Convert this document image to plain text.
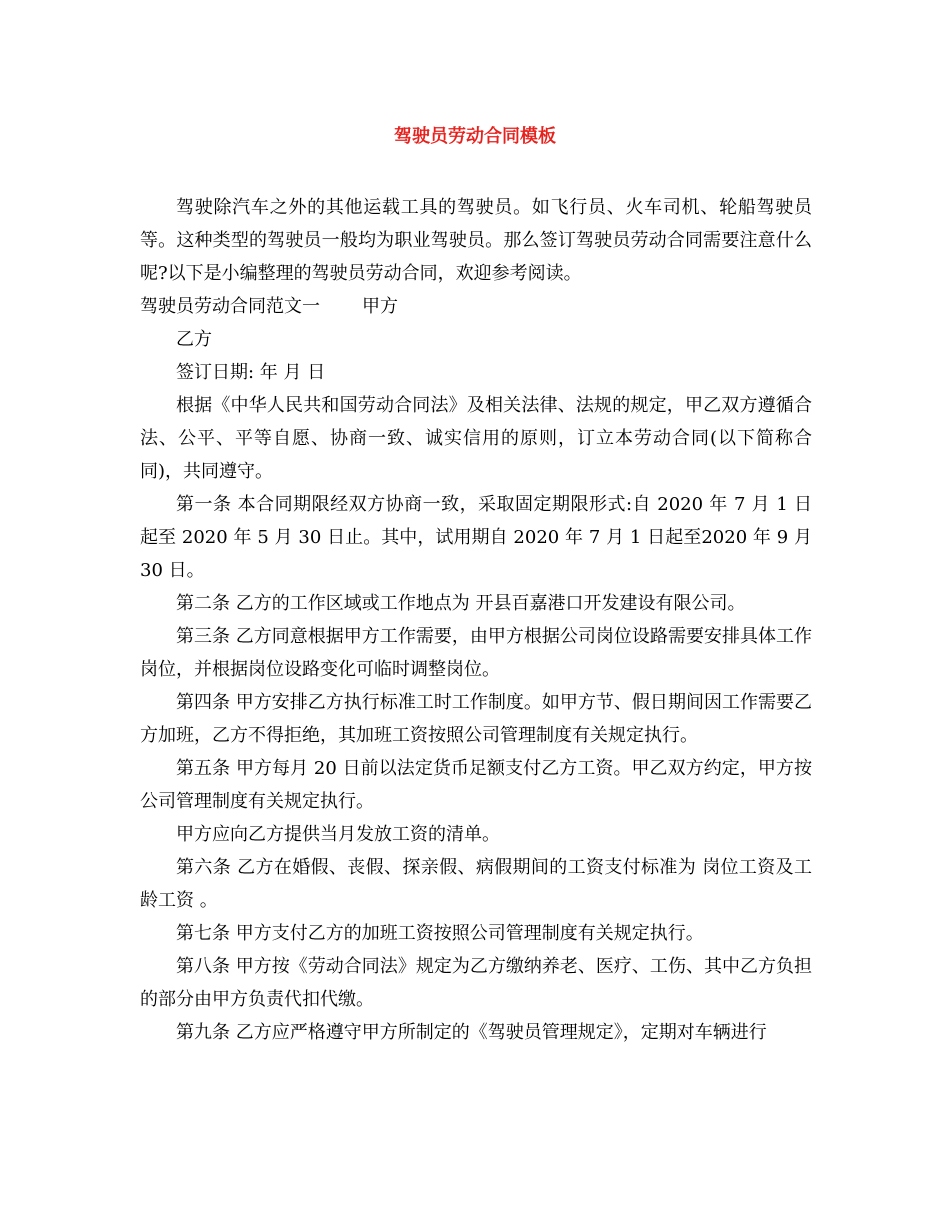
驾驶员劳动合同模板

驾驶除汽车之外的其他运载工具的驾驶员。如飞行员、火车司机、轮船驾驶员等。这种类型的驾驶员一般均为职业驾驶员。那么签订驾驶员劳动合同需要注意什么呢?以下是小编整理的驾驶员劳动合同，欢迎参考阅读。

驾驶员劳动合同范文一 甲方

乙方

签订日期: 年 月 日

根据《中华人民共和国劳动合同法》及相关法律、法规的规定，甲乙双方遵循合法、公平、平等自愿、协商一致、诚实信用的原则，订立本劳动合同(以下简称合同)，共同遵守。

第一条 本合同期限经双方协商一致，采取固定期限形式:自 2020 年 7 月 1 日起至 2020 年 5 月 30 日止。其中，试用期自 2020 年 7 月 1 日起至2020 年 9 月 30 日。

第二条 乙方的工作区域或工作地点为 开县百嘉港口开发建设有限公司。

第三条 乙方同意根据甲方工作需要，由甲方根据公司岗位设路需要安排具体工作岗位，并根据岗位设路变化可临时调整岗位。

第四条 甲方安排乙方执行标准工时工作制度。如甲方节、假日期间因工作需要乙方加班，乙方不得拒绝，其加班工资按照公司管理制度有关规定执行。

第五条 甲方每月 20 日前以法定货币足额支付乙方工资。甲乙双方约定，甲方按公司管理制度有关规定执行。

甲方应向乙方提供当月发放工资的清单。

第六条 乙方在婚假、丧假、探亲假、病假期间的工资支付标准为 岗位工资及工龄工资 。

第七条 甲方支付乙方的加班工资按照公司管理制度有关规定执行。

第八条 甲方按《劳动合同法》规定为乙方缴纳养老、医疗、工伤、其中乙方负担的部分由甲方负责代扣代缴。

第九条 乙方应严格遵守甲方所制定的《驾驶员管理规定》，定期对车辆进行
